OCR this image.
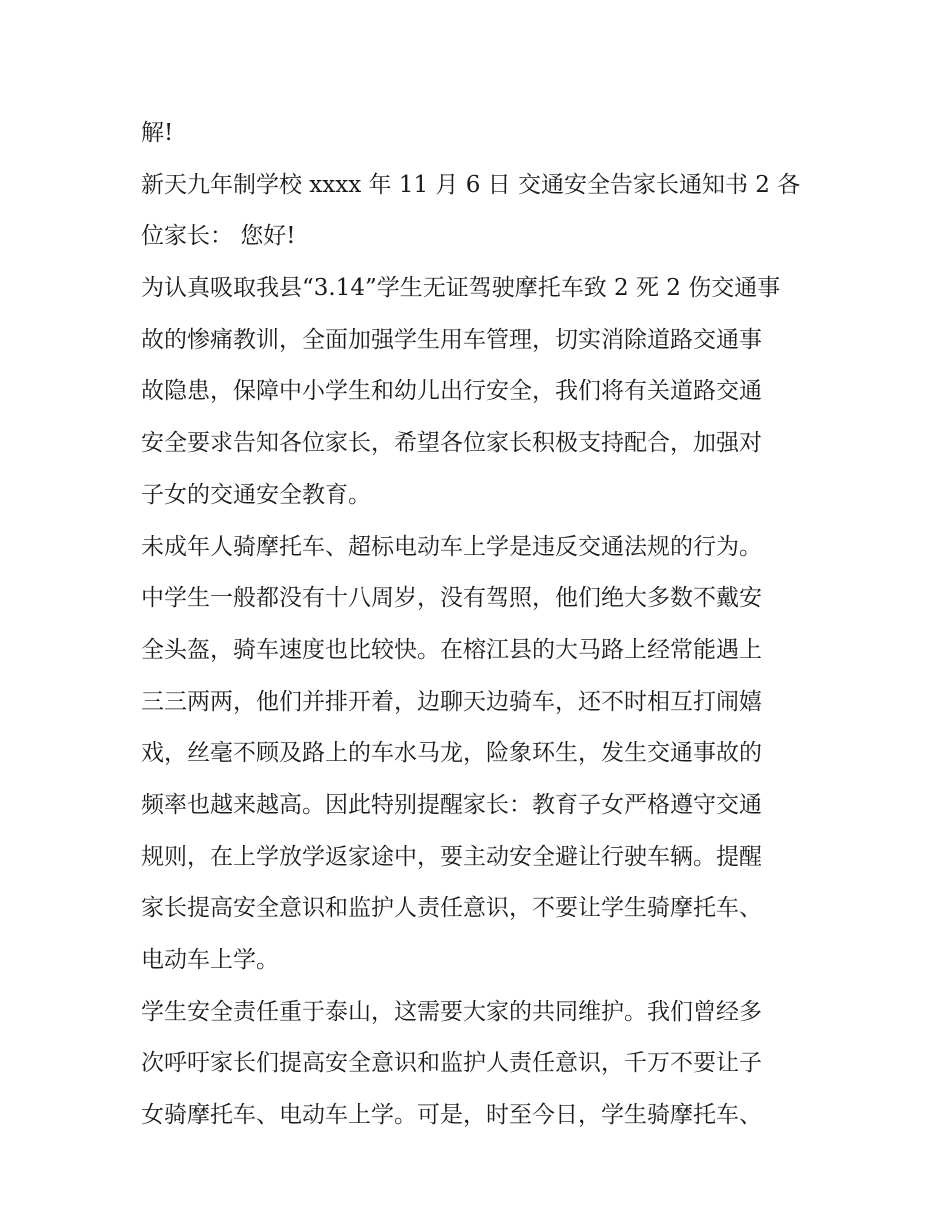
解!
新天九年制学校 xxxx 年 11 月 6 日 交通安全告家长通知书 2 各
位家长： 您好!
为认真吸取我县“3.14”学生无证驾驶摩托车致 2 死 2 伤交通事
故的惨痛教训，全面加强学生用车管理，切实消除道路交通事
故隐患，保障中小学生和幼儿出行安全，我们将有关道路交通
安全要求告知各位家长，希望各位家长积极支持配合，加强对
子女的交通安全教育。
未成年人骑摩托车、超标电动车上学是违反交通法规的行为。
中学生一般都没有十八周岁，没有驾照，他们绝大多数不戴安
全头盔，骑车速度也比较快。在榕江县的大马路上经常能遇上
三三两两，他们并排开着，边聊天边骑车，还不时相互打闹嬉
戏，丝毫不顾及路上的车水马龙，险象环生，发生交通事故的
频率也越来越高。因此特别提醒家长：教育子女严格遵守交通
规则，在上学放学返家途中，要主动安全避让行驶车辆。提醒
家长提高安全意识和监护人责任意识，不要让学生骑摩托车、
电动车上学。
学生安全责任重于泰山，这需要大家的共同维护。我们曾经多
次呼吁家长们提高安全意识和监护人责任意识，千万不要让子
女骑摩托车、电动车上学。可是，时至今日，学生骑摩托车、
